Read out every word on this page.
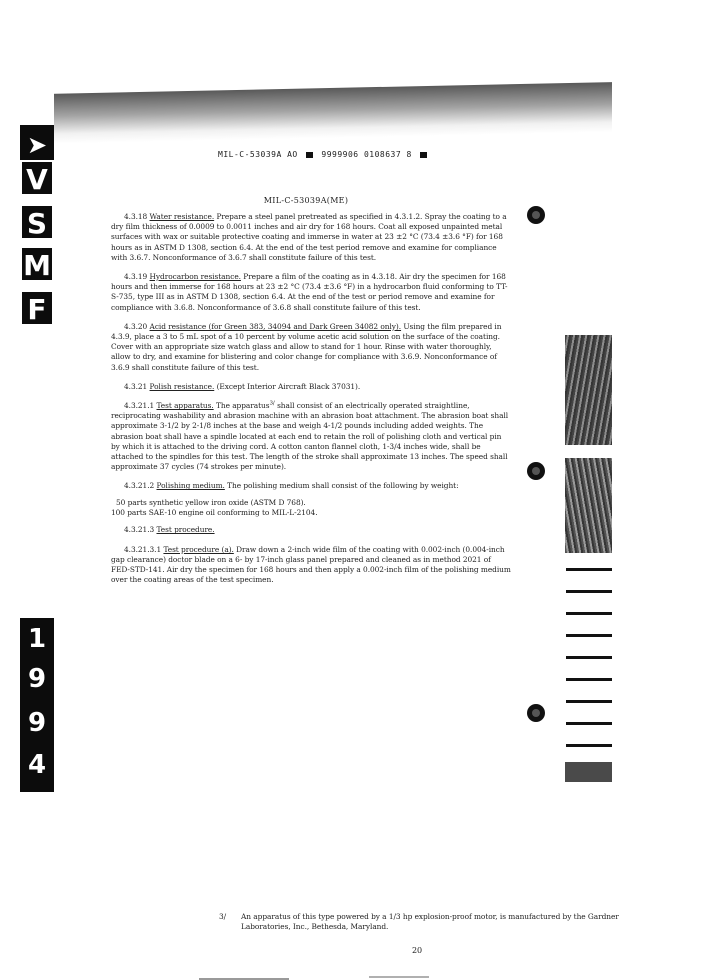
➤
V
S
M
F
1
9
9
4
MIL-C-53039A AO	9999906 0108637 8
MIL-C-53039A(ME)

4.3.18 Water resistance. Prepare a steel panel pretreated as specified in 4.3.1.2. Spray the coating to a dry film thickness of 0.0009 to 0.0011 inches and air dry for 168 hours. Coat all exposed unpainted metal surfaces with wax or suitable protective coating and immerse in water at 23 ±2 °C (73.4 ±3.6 °F) for 168 hours as in ASTM D 1308, section 6.4. At the end of the test period remove and examine for compliance with 3.6.7. Nonconformance of 3.6.7 shall constitute failure of this test.

4.3.19 Hydrocarbon resistance. Prepare a film of the coating as in 4.3.18. Air dry the specimen for 168 hours and then immerse for 168 hours at 23 ±2 °C (73.4 ±3.6 °F) in a hydrocarbon fluid conforming to TT-S-735, type III as in ASTM D 1308, section 6.4. At the end of the test or period remove and examine for compliance with 3.6.8. Nonconformance of 3.6.8 shall constitute failure of this test.

4.3.20 Acid resistance (for Green 383, 34094 and Dark Green 34082 only). Using the film prepared in 4.3.9, place a 3 to 5 mL spot of a 10 percent by volume acetic acid solution on the surface of the coating. Cover with an appropriate size watch glass and allow to stand for 1 hour. Rinse with water thoroughly, allow to dry, and examine for blistering and color change for compliance with 3.6.9. Nonconformance of 3.6.9 shall constitute failure of this test.

4.3.21 Polish resistance. (Except Interior Aircraft Black 37031).

4.3.21.1 Test apparatus. The apparatus$^{3/}$ shall consist of an electrically operated straightline, reciprocating washability and abrasion machine with an abrasion boat attachment. The abrasion boat shall approximate 3-1/2 by 2-1/8 inches at the base and weigh 4-1/2 pounds including added weights. The abrasion boat shall have a spindle located at each end to retain the roll of polishing cloth and vertical pin by which it is attached to the driving cord. A cotton canton flannel cloth, 1-3/4 inches wide, shall be attached to the spindles for this test. The length of the stroke shall approximate 13 inches. The speed shall approximate 37 cycles (74 strokes per minute).

4.3.21.2 Polishing medium. The polishing medium shall consist of the following by weight:

50 parts synthetic yellow iron oxide (ASTM D 768).

100 parts SAE-10 engine oil conforming to MIL-L-2104.

4.3.21.3 Test procedure.

4.3.21.3.1 Test procedure (a). Draw down a 2-inch wide film of the coating with 0.002-inch (0.004-inch gap clearance) doctor blade on a 6- by 17-inch glass panel prepared and cleaned as in method 2021 of FED-STD-141. Air dry the specimen for 168 hours and then apply a 0.002-inch film of the polishing medium over the coating areas of the test specimen.

3/ An apparatus of this type powered by a 1/3 hp explosion-proof motor, is manufactured by the Gardner Laboratories, Inc., Bethesda, Maryland.
20
